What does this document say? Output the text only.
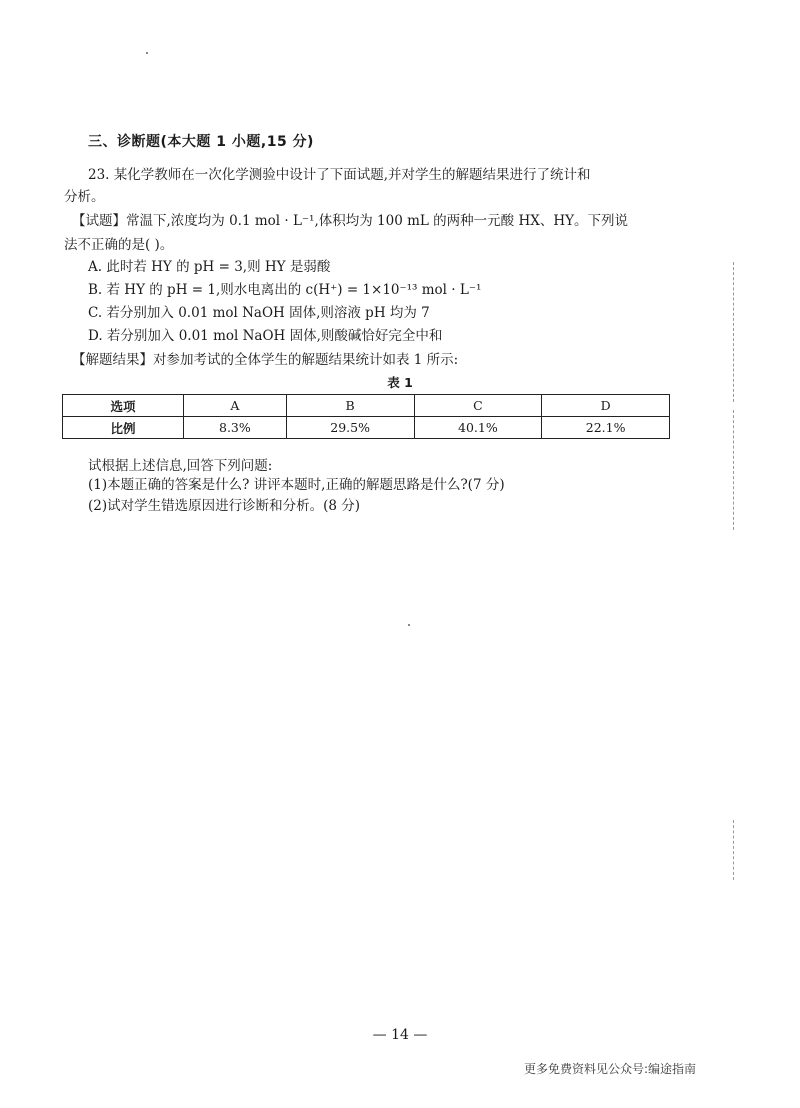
三、诊断题(本大题 1 小题,15 分)
23. 某化学教师在一次化学测验中设计了下面试题,并对学生的解题结果进行了统计和
分析。
【试题】常温下,浓度均为 0.1 mol · L⁻¹,体积均为 100 mL 的两种一元酸 HX、HY。下列说
法不正确的是( )。
A. 此时若 HY 的 pH = 3,则 HY 是弱酸
B. 若 HY 的 pH = 1,则水电离出的 c(H⁺) = 1×10⁻¹³ mol · L⁻¹
C. 若分别加入 0.01 mol NaOH 固体,则溶液 pH 均为 7
D. 若分别加入 0.01 mol NaOH 固体,则酸碱恰好完全中和
【解题结果】对参加考试的全体学生的解题结果统计如表 1 所示:
表 1
选项	A	B	C	D
比例	8.3%	29.5%	40.1%	22.1%
试根据上述信息,回答下列问题:
(1)本题正确的答案是什么? 讲评本题时,正确的解题思路是什么?(7 分)
(2)试对学生错选原因进行诊断和分析。(8 分)
— 14 —
更多免费资料见公众号:编途指南
